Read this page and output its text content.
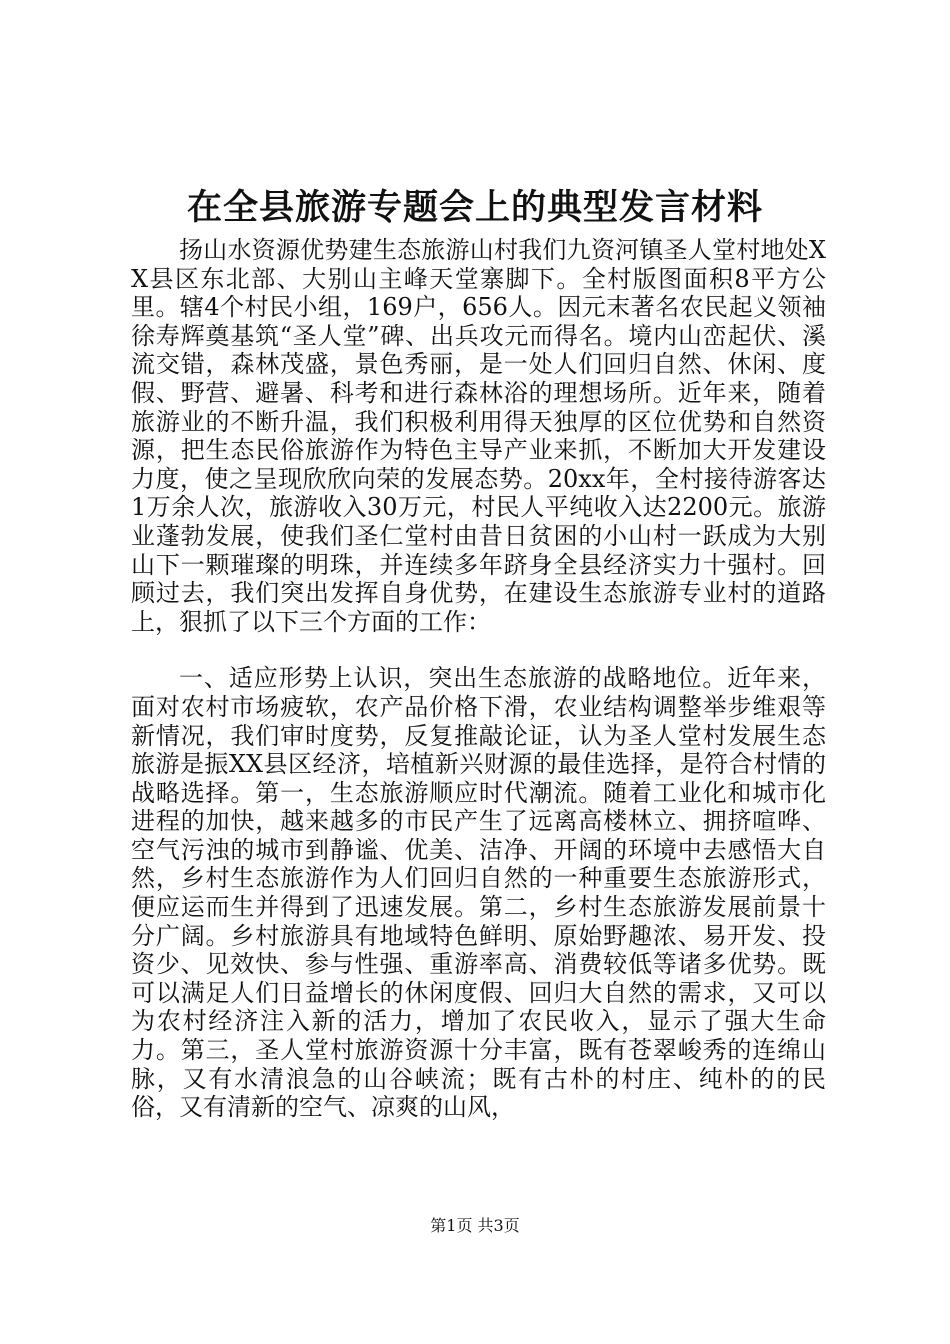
在全县旅游专题会上的典型发言材料

扬山水资源优势建生态旅游山村我们九资河镇圣人堂村地处XX县区东北部、大别山主峰天堂寨脚下。全村版图面积8平方公里。辖4个村民小组，169户，656人。因元末著名农民起义领袖徐寿辉奠基筑“圣人堂”碑、出兵攻元而得名。境内山峦起伏、溪流交错，森林茂盛，景色秀丽，是一处人们回归自然、休闲、度假、野营、避暑、科考和进行森林浴的理想场所。近年来，随着旅游业的不断升温，我们积极利用得天独厚的区位优势和自然资源，把生态民俗旅游作为特色主导产业来抓，不断加大开发建设力度，使之呈现欣欣向荣的发展态势。20xx年，全村接待游客达1万余人次，旅游收入30万元，村民人平纯收入达2200元。旅游业蓬勃发展，使我们圣仁堂村由昔日贫困的小山村一跃成为大别山下一颗璀璨的明珠，并连续多年跻身全县经济实力十强村。回顾过去，我们突出发挥自身优势，在建设生态旅游专业村的道路上，狠抓了以下三个方面的工作：

一、适应形势上认识，突出生态旅游的战略地位。近年来，面对农村市场疲软，农产品价格下滑，农业结构调整举步维艰等新情况，我们审时度势，反复推敲论证，认为圣人堂村发展生态旅游是振XX县区经济，培植新兴财源的最佳选择，是符合村情的战略选择。第一，生态旅游顺应时代潮流。随着工业化和城市化进程的加快，越来越多的市民产生了远离高楼林立、拥挤喧哗、空气污浊的城市到静谧、优美、洁净、开阔的环境中去感悟大自然，乡村生态旅游作为人们回归自然的一种重要生态旅游形式，便应运而生并得到了迅速发展。第二，乡村生态旅游发展前景十分广阔。乡村旅游具有地域特色鲜明、原始野趣浓、易开发、投资少、见效快、参与性强、重游率高、消费较低等诸多优势。既可以满足人们日益增长的休闲度假、回归大自然的需求，又可以为农村经济注入新的活力，增加了农民收入，显示了强大生命力。第三，圣人堂村旅游资源十分丰富，既有苍翠峻秀的连绵山脉，又有水清浪急的山谷峡流；既有古朴的村庄、纯朴的的民俗，又有清新的空气、凉爽的山风，

第1页 共3页
